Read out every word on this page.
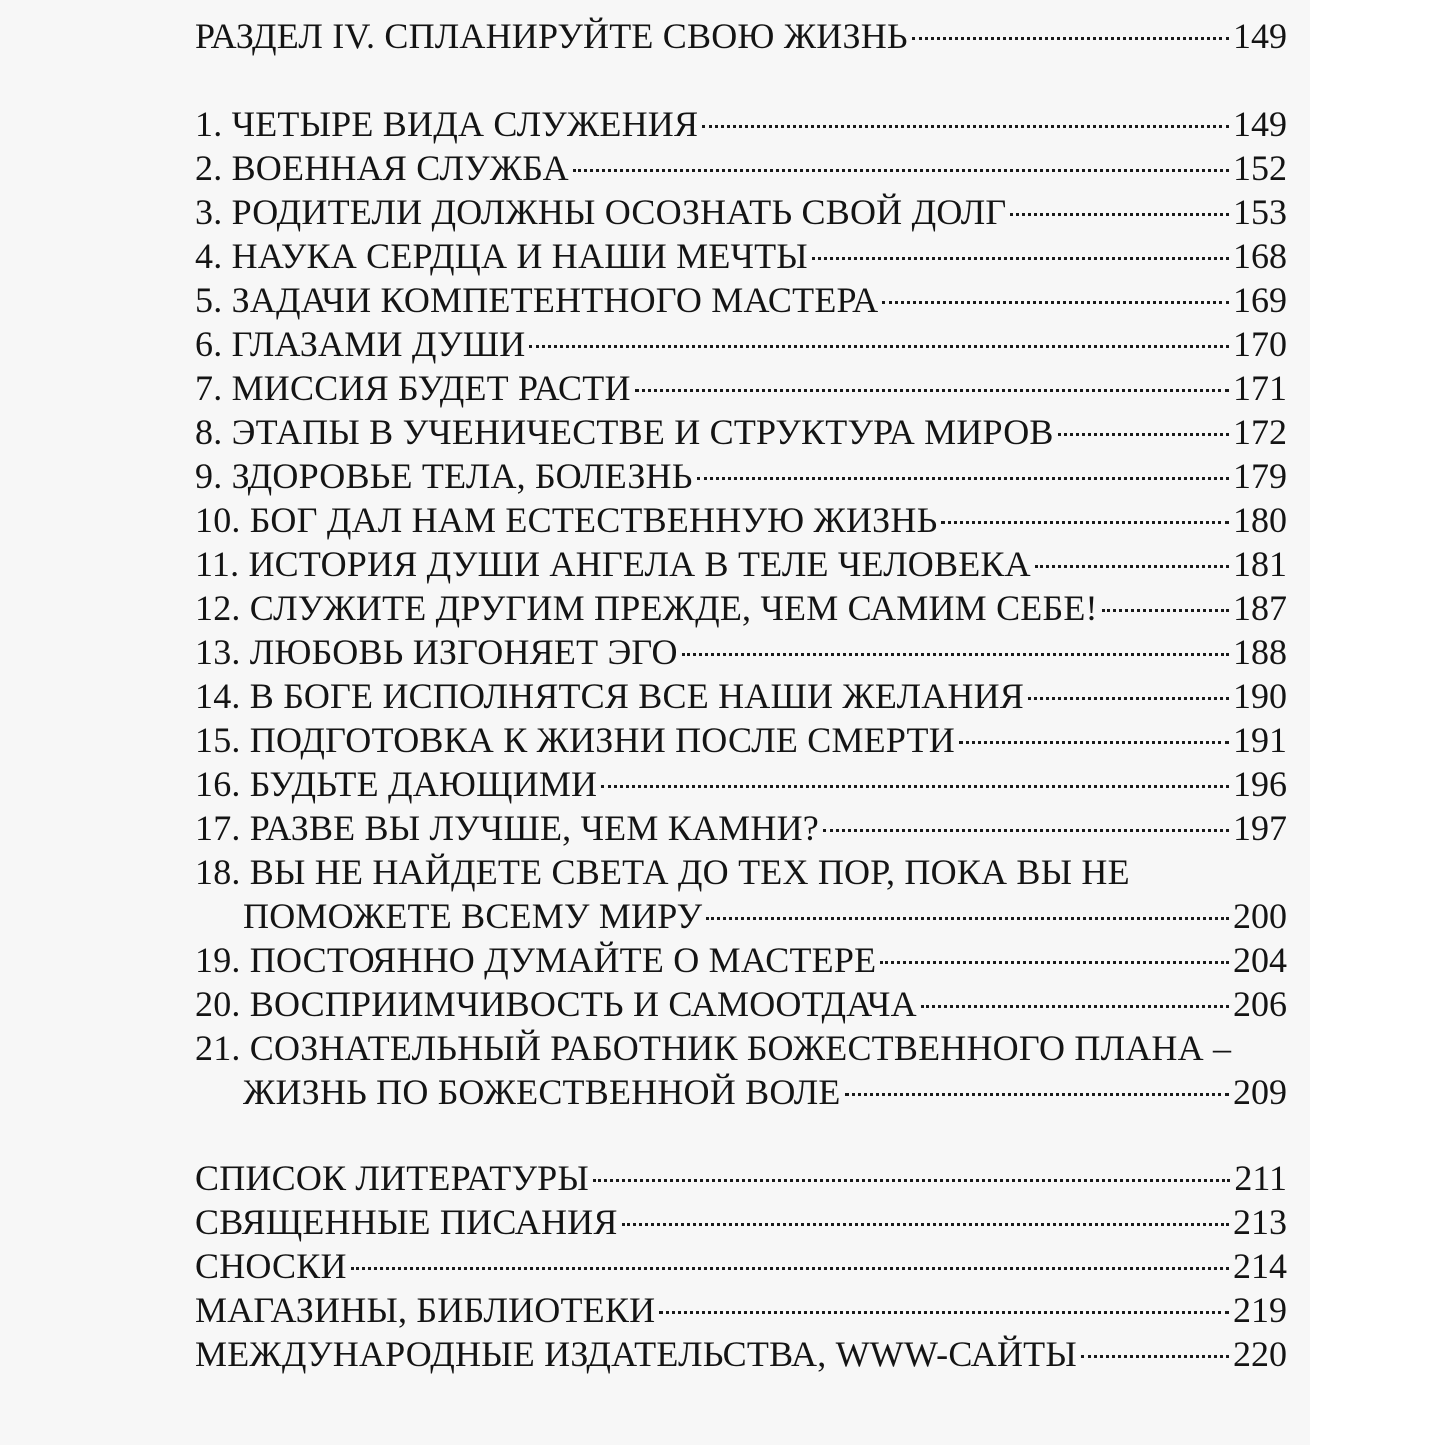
РАЗДЕЛ IV. СПЛАНИРУЙТЕ СВОЮ ЖИЗНЬ	149
1. ЧЕТЫРЕ ВИДА СЛУЖЕНИЯ	149
2. ВОЕННАЯ СЛУЖБА	152
3. РОДИТЕЛИ ДОЛЖНЫ ОСОЗНАТЬ СВОЙ ДОЛГ	153
4. НАУКА СЕРДЦА И НАШИ МЕЧТЫ	168
5. ЗАДАЧИ КОМПЕТЕНТНОГО МАСТЕРА	169
6. ГЛАЗАМИ ДУШИ	170
7. МИССИЯ БУДЕТ РАСТИ	171
8. ЭТАПЫ В УЧЕНИЧЕСТВЕ И СТРУКТУРА МИРОВ	172
9. ЗДОРОВЬЕ ТЕЛА, БОЛЕЗНЬ	179
10. БОГ ДАЛ НАМ ЕСТЕСТВЕННУЮ ЖИЗНЬ	180
11. ИСТОРИЯ ДУШИ АНГЕЛА В ТЕЛЕ ЧЕЛОВЕКА	181
12. СЛУЖИТЕ ДРУГИМ ПРЕЖДЕ, ЧЕМ САМИМ СЕБЕ!	187
13. ЛЮБОВЬ ИЗГОНЯЕТ ЭГО	188
14. В БОГЕ ИСПОЛНЯТСЯ ВСЕ НАШИ ЖЕЛАНИЯ	190
15. ПОДГОТОВКА К ЖИЗНИ ПОСЛЕ СМЕРТИ	191
16. БУДЬТЕ ДАЮЩИМИ	196
17. РАЗВЕ ВЫ ЛУЧШЕ, ЧЕМ КАМНИ?	197
18. ВЫ НЕ НАЙДЕТЕ СВЕТА ДО ТЕХ ПОР, ПОКА ВЫ НЕ
ПОМОЖЕТЕ ВСЕМУ МИРУ	200
19. ПОСТОЯННО ДУМАЙТЕ О МАСТЕРЕ	204
20. ВОСПРИИМЧИВОСТЬ И САМООТДАЧА	206
21. СОЗНАТЕЛЬНЫЙ РАБОТНИК БОЖЕСТВЕННОГО ПЛАНА –
ЖИЗНЬ ПО БОЖЕСТВЕННОЙ ВОЛЕ	209
СПИСОК ЛИТЕРАТУРЫ	211
СВЯЩЕННЫЕ ПИСАНИЯ	213
СНОСКИ	214
МАГАЗИНЫ, БИБЛИОТЕКИ	219
МЕЖДУНАРОДНЫЕ ИЗДАТЕЛЬСТВА, WWW-САЙТЫ	220
